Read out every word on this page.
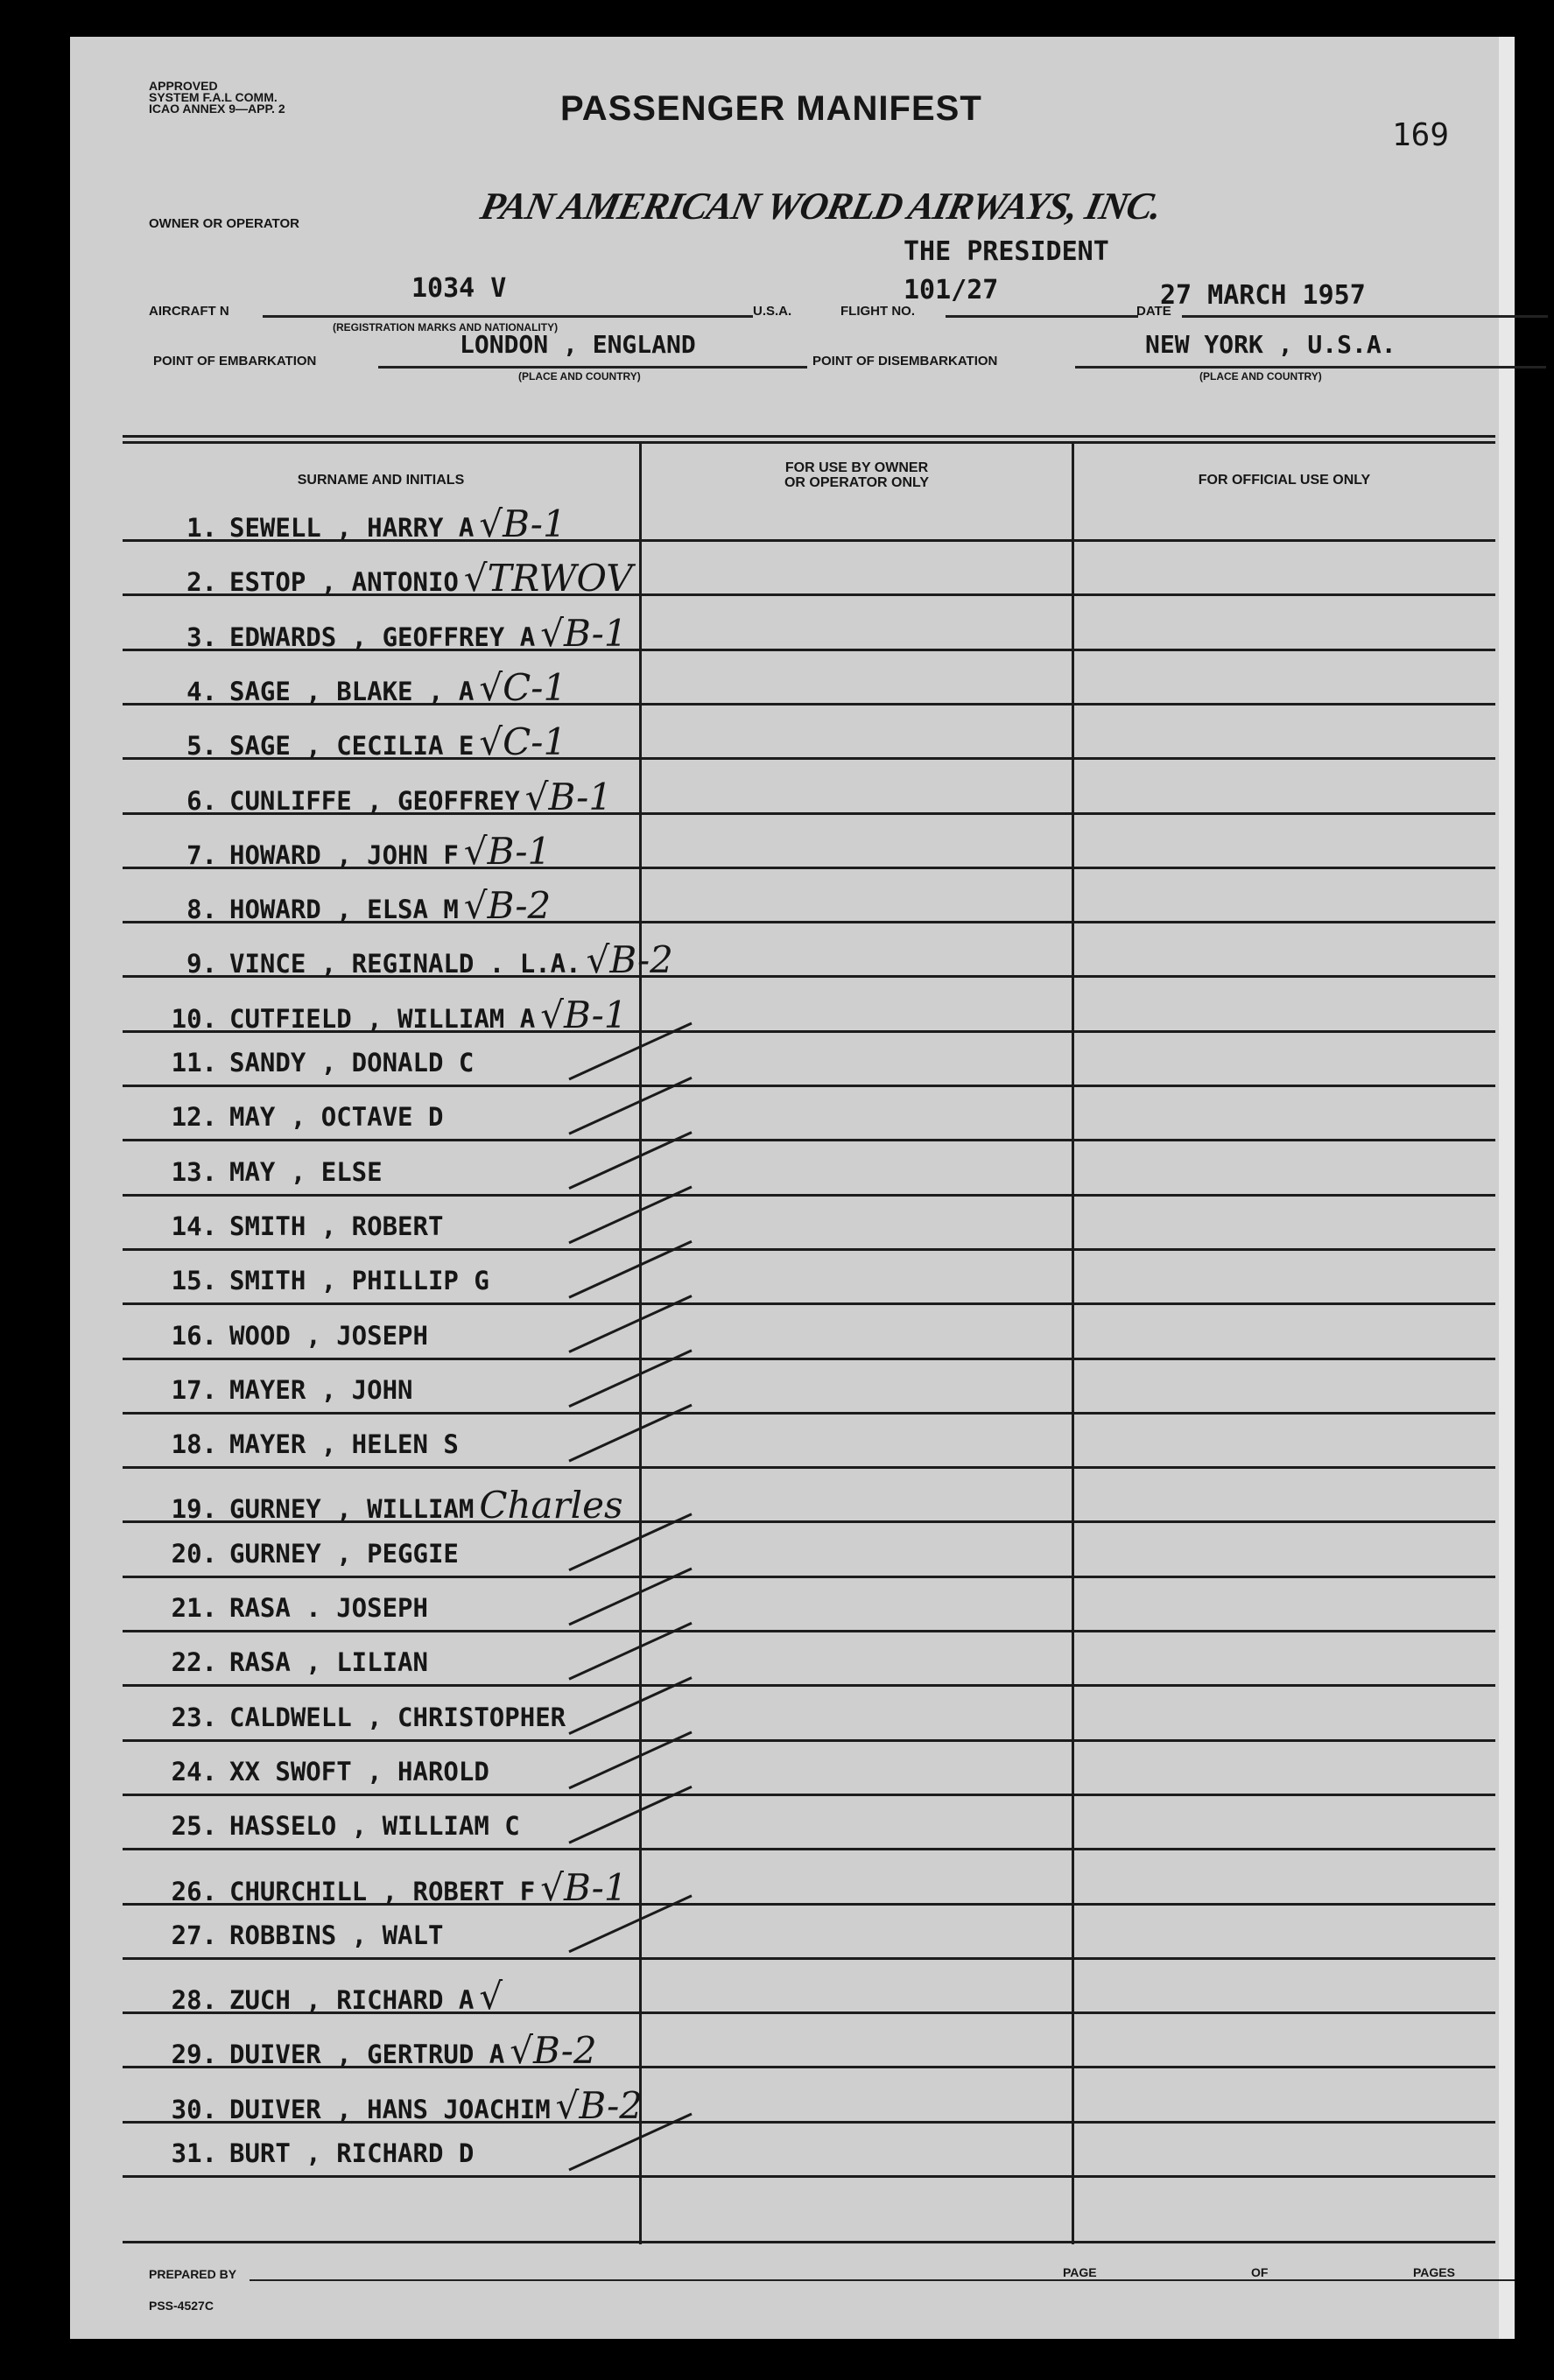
APPROVED
SYSTEM F.A.L COMM.
ICAO ANNEX 9—APP. 2	PASSENGER MANIFEST
169
OWNER OR OPERATOR	PAN AMERICAN WORLD AIRWAYS, INC.
THE PRESIDENT
AIRCRAFT N
1034 V
(REGISTRATION MARKS AND NATIONALITY)
U.S.A.	FLIGHT NO.
101/27
DATE
27 MARCH 1957
POINT OF EMBARKATION
LONDON , ENGLAND
(PLACE AND COUNTRY)
POINT OF DISEMBARKATION
NEW YORK , U.S.A.
(PLACE AND COUNTRY)
SURNAME AND INITIALS
FOR USE BY OWNER
OR OPERATOR ONLY	FOR OFFICIAL USE ONLY
1. SEWELL , HARRY A √B-1
2. ESTOP , ANTONIO √TRWOV
3. EDWARDS , GEOFFREY A √B-1
4. SAGE , BLAKE , A √C-1
5. SAGE , CECILIA E √C-1
6. CUNLIFFE , GEOFFREY √B-1
7. HOWARD , JOHN F √B-1
8. HOWARD , ELSA M √B-2
9. VINCE , REGINALD . L.A. √B-2
10. CUTFIELD , WILLIAM A √B-1
11. SANDY , DONALD C
12. MAY , OCTAVE D
13. MAY , ELSE
14. SMITH , ROBERT
15. SMITH , PHILLIP G
16. WOOD , JOSEPH
17. MAYER , JOHN
18. MAYER , HELEN S
19. GURNEY , WILLIAM Charles
20. GURNEY , PEGGIE
21. RASA . JOSEPH
22. RASA , LILIAN
23. CALDWELL , CHRISTOPHER
24. XX SWOFT , HAROLD
25. HASSELO , WILLIAM C
26. CHURCHILL , ROBERT F √B-1
27. ROBBINS , WALT
28. ZUCH , RICHARD A √
29. DUIVER , GERTRUD A √B-2
30. DUIVER , HANS JOACHIM √B-2
31. BURT , RICHARD D
PREPARED BY	PAGE	OF	PAGES
PSS-4527C
